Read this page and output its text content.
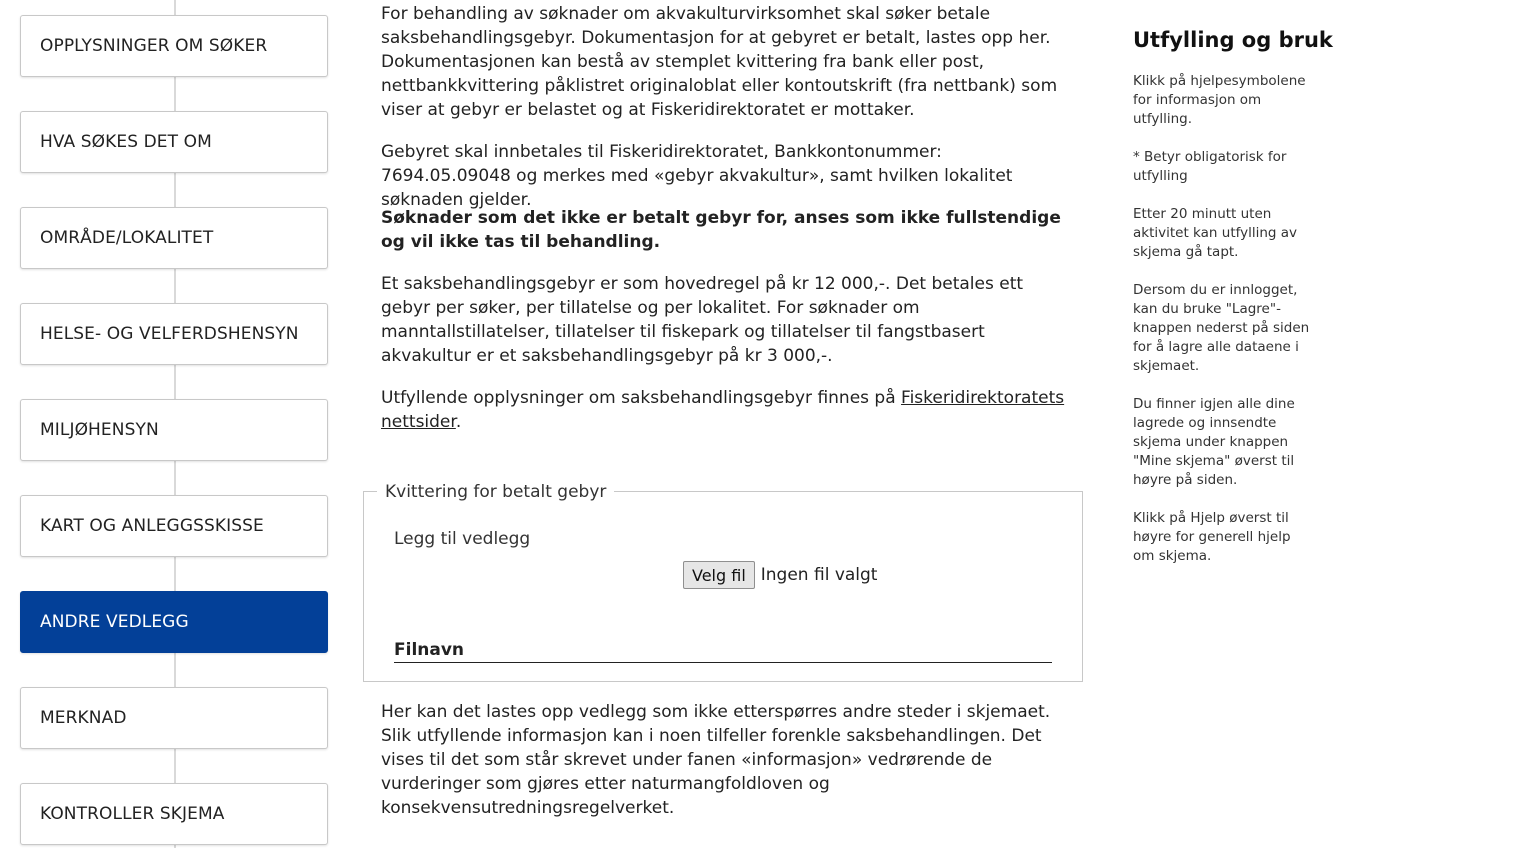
OPPLYSNINGER OM SØKER
HVA SØKES DET OM
OMRÅDE/LOKALITET
HELSE- OG VELFERDSHENSYN
MILJØHENSYN
KART OG ANLEGGSSKISSE
ANDRE VEDLEGG
MERKNAD
KONTROLLER SKJEMA

For behandling av søknader om akvakulturvirksomhet skal søker betale saksbehandlingsgebyr. Dokumentasjon for at gebyret er betalt, lastes opp her. Dokumentasjonen kan bestå av stemplet kvittering fra bank eller post, nettbankkvittering påklistret originaloblat eller kontoutskrift (fra nettbank) som viser at gebyr er belastet og at Fiskeridirektoratet er mottaker.

Gebyret skal innbetales til Fiskeridirektoratet, Bankkontonummer: 7694.05.09048 og merkes med «gebyr akvakultur», samt hvilken lokalitet søknaden gjelder.

Søknader som det ikke er betalt gebyr for, anses som ikke fullstendige og vil ikke tas til behandling.

Et saksbehandlingsgebyr er som hovedregel på kr 12 000,-. Det betales ett gebyr per søker, per tillatelse og per lokalitet. For søknader om manntallstillatelser, tillatelser til fiskepark og tillatelser til fangstbasert akvakultur er et saksbehandlingsgebyr på kr 3 000,-.

Utfyllende opplysninger om saksbehandlingsgebyr finnes på Fiskeridirektoratets nettsider.

Her kan det lastes opp vedlegg som ikke etterspørres andre steder i skjemaet. Slik utfyllende informasjon kan i noen tilfeller forenkle saksbehandlingen. Det vises til det som står skrevet under fanen «informasjon» vedrørende de vurderinger som gjøres etter naturmangfoldloven og konsekvensutredningsregelverket.

Kvittering for betalt gebyr
Legg til vedlegg
Velg fil Ingen fil valgt
Filnavn
Utfylling og bruk

Klikk på hjelpesymbolene for informasjon om utfylling.

* Betyr obligatorisk for utfylling

Etter 20 minutt uten aktivitet kan utfylling av skjema gå tapt.

Dersom du er innlogget, kan du bruke "Lagre"-knappen nederst på siden for å lagre alle dataene i skjemaet.

Du finner igjen alle dine lagrede og innsendte skjema under knappen "Mine skjema" øverst til høyre på siden.

Klikk på Hjelp øverst til høyre for generell hjelp om skjema.
